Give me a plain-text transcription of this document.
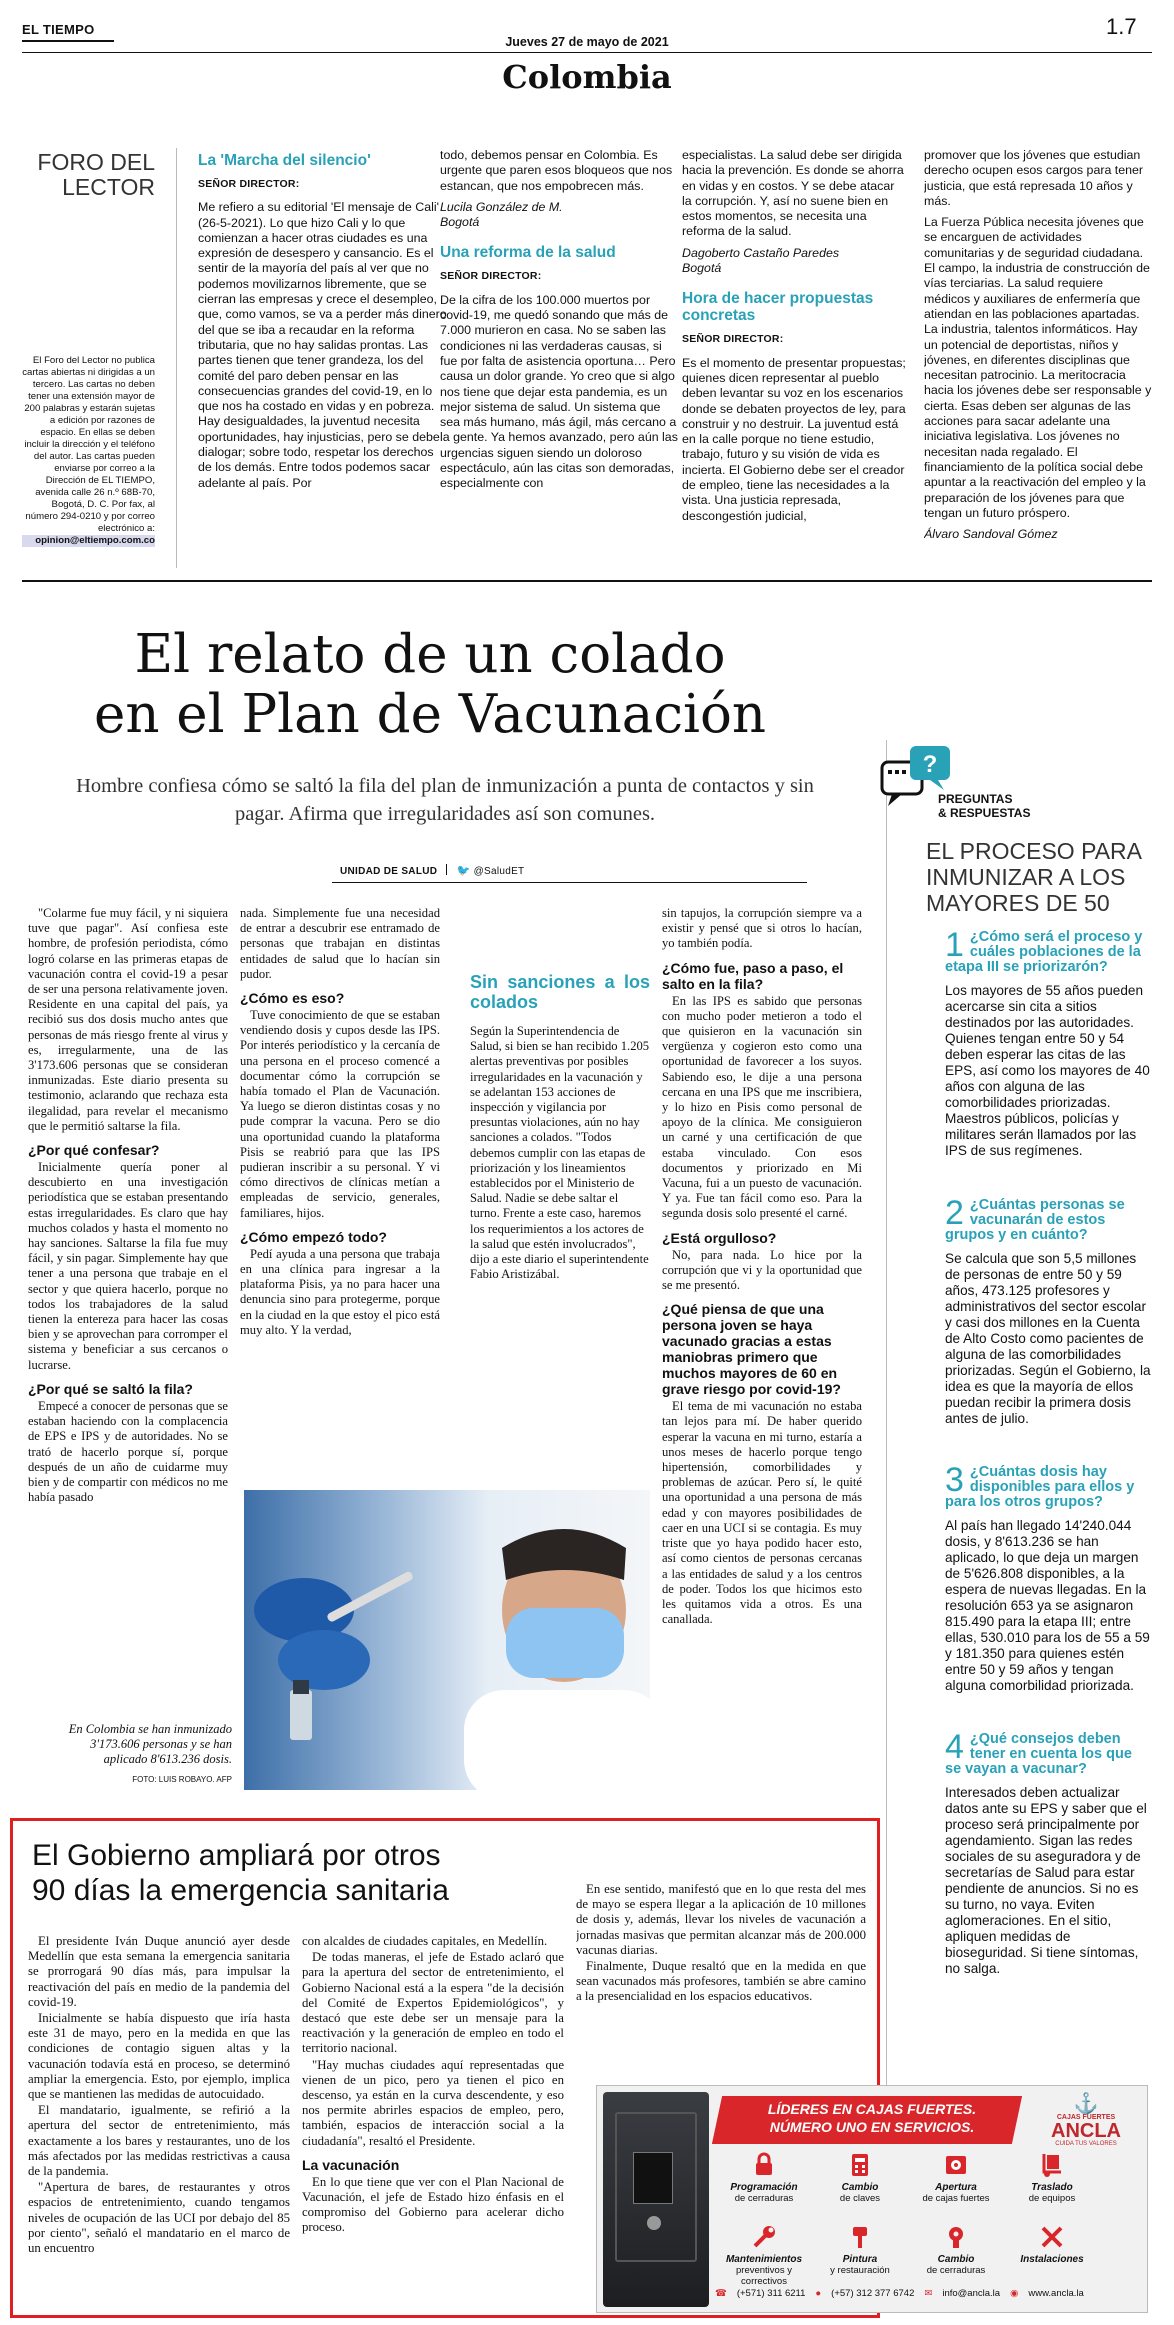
EL TIEMPO
Jueves 27 de mayo de 2021
Colombia
1.7
FORO DEL
LECTOR
El Foro del Lector no publica cartas abiertas ni dirigidas a un tercero. Las cartas no deben tener una extensión mayor de 200 palabras y estarán sujetas a edición por razones de espacio. En ellas se deben incluir la dirección y el teléfono del autor. Las cartas pueden enviarse por correo a la Dirección de EL TIEMPO, avenida calle 26 n.º 68B-70, Bogotá, D. C. Por fax, al número 294-0210 y por correo electrónico a:
opinion@eltiempo.com.co
La 'Marcha del silencio'
SEÑOR DIRECTOR:

Me refiero a su editorial 'El mensaje de Cali' (26-5-2021). Lo que hizo Cali y lo que comienzan a hacer otras ciudades es una expresión de desespero y cansancio. Es el sentir de la mayoría del país al ver que no podemos movilizarnos libremente, que se cierran las empresas y crece el desempleo, que, como vamos, se va a perder más dinero del que se iba a recaudar en la reforma tributaria, que no hay salidas prontas. Las partes tienen que tener grandeza, los del comité del paro deben pensar en las consecuencias grandes del covid-19, en lo que nos ha costado en vidas y en pobreza. Hay desigualdades, la juventud necesita oportunidades, hay injusticias, pero se debe dialogar; sobre todo, respetar los derechos de los demás. Entre todos podemos sacar adelante al país. Por

todo, debemos pensar en Colombia. Es urgente que paren esos bloqueos que nos estancan, que nos empobrecen más.

Lucila González de M.
Bogotá
Una reforma de la salud
SEÑOR DIRECTOR:

De la cifra de los 100.000 muertos por covid-19, me quedó sonando que más de 7.000 murieron en casa. No se saben las condiciones ni las verdaderas causas, si fue por falta de asistencia oportuna… Pero causa un dolor grande. Yo creo que si algo nos tiene que dejar esta pandemia, es un mejor sistema de salud. Un sistema que sea más humano, más ágil, más cercano a la gente. Ya hemos avanzado, pero aún las urgencias siguen siendo un doloroso espectáculo, aún las citas son demoradas, especialmente con

especialistas. La salud debe ser dirigida hacia la prevención. Es donde se ahorra en vidas y en costos. Y se debe atacar la corrupción. Y, así no suene bien en estos momentos, se necesita una reforma de la salud.

Dagoberto Castaño Paredes
Bogotá
Hora de hacer propuestas concretas
SEÑOR DIRECTOR:

Es el momento de presentar propuestas; quienes dicen representar al pueblo deben levantar su voz en los escenarios donde se debaten proyectos de ley, para construir y no destruir. La juventud está en la calle porque no tiene estudio, trabajo, futuro y su visión de vida es incierta. El Gobierno debe ser el creador de empleo, tiene las necesidades a la vista. Una justicia represada, descongestión judicial,

promover que los jóvenes que estudian derecho ocupen esos cargos para tener justicia, que está represada 10 años y más.

La Fuerza Pública necesita jóvenes que se encarguen de actividades comunitarias y de seguridad ciudadana. El campo, la industria de construcción de vías terciarias. La salud requiere médicos y auxiliares de enfermería que atiendan en las poblaciones apartadas. La industria, talentos informáticos. Hay un potencial de deportistas, niños y jóvenes, en diferentes disciplinas que necesitan patrocinio. La meritocracia hacia los jóvenes debe ser responsable y cierta. Esas deben ser algunas de las acciones para sacar adelante una iniciativa legislativa. Los jóvenes no necesitan nada regalado. El financiamiento de la política social debe apuntar a la reactivación del empleo y la preparación de los jóvenes para que tengan un futuro próspero.

Álvaro Sandoval Gómez
El relato de un colado
en el Plan de Vacunación
Hombre confiesa cómo se saltó la fila del plan de inmunización a punta de contactos y sin pagar. Afirma que irregularidades así son comunes.
UNIDAD DE SALUD 🐦 @SaludET

"Colarme fue muy fácil, y ni siquiera tuve que pagar". Así confiesa este hombre, de profesión periodista, cómo logró colarse en las primeras etapas de vacunación contra el covid-19 a pesar de ser una persona relativamente joven. Residente en una capital del país, ya recibió sus dos dosis mucho antes que personas de más riesgo frente al virus y es, irregularmente, una de las 3'173.606 personas que se consideran inmunizadas. Este diario presenta su testimonio, aclarando que rechaza esta ilegalidad, para revelar el mecanismo que le permitió saltarse la fila.

¿Por qué confesar?

Inicialmente quería poner al descubierto en una investigación periodística que se estaban presentando estas irregularidades. Es claro que hay muchos colados y hasta el momento no hay sanciones. Saltarse la fila fue muy fácil, y sin pagar. Simplemente hay que tener a una persona que trabaje en el sector y que quiera hacerlo, porque no todos los trabajadores de la salud tienen la entereza para hacer las cosas bien y se aprovechan para corromper el sistema y beneficiar a sus cercanos o lucrarse.

¿Por qué se saltó la fila?

Empecé a conocer de personas que se estaban haciendo con la complacencia de EPS e IPS y de autoridades. No se trató de hacerlo porque sí, porque después de un año de cuidarme muy bien y de compartir con médicos no me había pasado

nada. Simplemente fue una necesidad de entrar a descubrir ese entramado de personas que trabajan en distintas entidades de salud que lo hacían sin pudor.

¿Cómo es eso?

Tuve conocimiento de que se estaban vendiendo dosis y cupos desde las IPS. Por interés periodístico y la cercanía de una persona en el proceso comencé a documentar cómo la corrupción se había tomado el Plan de Vacunación. Ya luego se dieron distintas cosas y no pude comprar la vacuna. Pero se dio una oportunidad cuando la plataforma Pisis se reabrió para que las IPS pudieran inscribir a su personal. Y vi cómo directivos de clínicas metían a empleadas de servicio, generales, familiares, hijos.

¿Cómo empezó todo?

Pedí ayuda a una persona que trabaja en una clínica para ingresar a la plataforma Pisis, ya no para hacer una denuncia sino para protegerme, porque en la ciudad en la que estoy el pico está muy alto. Y la verdad,

Sin sanciones a los colados

Según la Superintendencia de Salud, si bien se han recibido 1.205 alertas preventivas por posibles irregularidades en la vacunación y se adelantan 153 acciones de inspección y vigilancia por presuntas violaciones, aún no hay sanciones a colados. "Todos debemos cumplir con las etapas de priorización y los lineamientos establecidos por el Ministerio de Salud. Nadie se debe saltar el turno. Frente a este caso, haremos los requerimientos a los actores de la salud que estén involucrados", dijo a este diario el superintendente Fabio Aristizábal.

sin tapujos, la corrupción siempre va a existir y pensé que si otros lo hacían, yo también podía.

¿Cómo fue, paso a paso, el salto en la fila?

En las IPS es sabido que personas con mucho poder metieron a todo el que quisieron en la vacunación sin vergüenza y cogieron esto como una oportunidad de favorecer a los suyos. Sabiendo eso, le dije a una persona cercana en una IPS que me inscribiera, y lo hizo en Pisis como personal de apoyo de la clínica. Me consiguieron un carné y una certificación de que estaba vinculado. Con esos documentos y priorizado en Mi Vacuna, fui a un puesto de vacunación. Y ya. Fue tan fácil como eso. Para la segunda dosis solo presenté el carné.

¿Está orgulloso?

No, para nada. Lo hice por la corrupción que vi y la oportunidad que se me presentó.

¿Qué piensa de que una persona joven se haya vacunado gracias a estas maniobras primero que muchos mayores de 60 en grave riesgo por covid-19?

El tema de mi vacunación no estaba tan lejos para mí. De haber querido esperar la vacuna en mi turno, estaría a unos meses de hacerlo porque tengo hipertensión, comorbilidades y problemas de azúcar. Pero sí, le quité una oportunidad a una persona de más edad y con mayores posibilidades de caer en una UCI si se contagia. Es muy triste que yo haya podido hacer esto, así como cientos de personas cercanas a las entidades de salud y a los centros de poder. Todos los que hicimos esto les quitamos vida a otros. Es una canallada.

En Colombia se han inmunizado 3'173.606 personas y se han aplicado 8'613.236 dosis.
FOTO: LUIS ROBAYO. AFP
?
PREGUNTAS
& RESPUESTAS
EL PROCESO PARA
INMUNIZAR A LOS
MAYORES DE 50
1 ¿Cómo será el proceso y cuáles poblaciones de la etapa III se priorizarón?
Los mayores de 55 años pueden acercarse sin cita a sitios destinados por las autoridades. Quienes tengan entre 50 y 54 deben esperar las citas de las EPS, así como los mayores de 40 años con alguna de las comorbilidades priorizadas. Maestros públicos, policías y militares serán llamados por las IPS de sus regímenes.
2 ¿Cuántas personas se vacunarán de estos grupos y en cuánto?
Se calcula que son 5,5 millones de personas de entre 50 y 59 años, 473.125 profesores y administrativos del sector escolar y casi dos millones en la Cuenta de Alto Costo como pacientes de alguna de las comorbilidades priorizadas. Según el Gobierno, la idea es que la mayoría de ellos puedan recibir la primera dosis antes de julio.
3 ¿Cuántas dosis hay disponibles para ellos y para los otros grupos?
Al país han llegado 14'240.044 dosis, y 8'613.236 se han aplicado, lo que deja un margen de 5'626.808 disponibles, a la espera de nuevas llegadas. En la resolución 653 ya se asignaron 815.490 para la etapa III; entre ellas, 530.010 para los de 55 a 59 y 181.350 para quienes estén entre 50 y 59 años y tengan alguna comorbilidad priorizada.
4 ¿Qué consejos deben tener en cuenta los que se vayan a vacunar?
Interesados deben actualizar datos ante su EPS y saber que el proceso será principalmente por agendamiento. Sigan las redes sociales de su aseguradora y de secretarías de Salud para estar pendiente de anuncios. Si no es su turno, no vaya. Eviten aglomeraciones. En el sitio, apliquen medidas de bioseguridad. Si tiene síntomas, no salga.
El Gobierno ampliará por otros
90 días la emergencia sanitaria

El presidente Iván Duque anunció ayer desde Medellín que esta semana la emergencia sanitaria se prorrogará 90 días más, para impulsar la reactivación del país en medio de la pandemia del covid-19.

Inicialmente se había dispuesto que iría hasta este 31 de mayo, pero en la medida en que las condiciones de contagio siguen altas y la vacunación todavía está en proceso, se determinó ampliar la emergencia. Esto, por ejemplo, implica que se mantienen las medidas de autocuidado.

El mandatario, igualmente, se refirió a la apertura del sector de entretenimiento, más exactamente a los bares y restaurantes, uno de los más afectados por las medidas restrictivas a causa de la pandemia.

"Apertura de bares, de restaurantes y otros espacios de entretenimiento, cuando tengamos niveles de ocupación de las UCI por debajo del 85 por ciento", señaló el mandatario en el marco de un encuentro

con alcaldes de ciudades capitales, en Medellín.

De todas maneras, el jefe de Estado aclaró que para la apertura del sector de entretenimiento, el Gobierno Nacional está a la espera "de la decisión del Comité de Expertos Epidemiológicos", y destacó que este debe ser un mensaje para la reactivación y la generación de empleo en todo el territorio nacional.

"Hay muchas ciudades aquí representadas que vienen de un pico, pero ya tienen el pico en descenso, ya están en la curva descendente, y eso nos permite abrirles espacios de empleo, pero, también, espacios de interacción social a la ciudadanía", resaltó el Presidente.

La vacunación

En lo que tiene que ver con el Plan Nacional de Vacunación, el jefe de Estado hizo énfasis en el compromiso del Gobierno para acelerar dicho proceso.

En ese sentido, manifestó que en lo que resta del mes de mayo se espera llegar a la aplicación de 10 millones de dosis y, además, llevar los niveles de vacunación a jornadas masivas que permitan alcanzar más de 200.000 vacunas diarias.

Finalmente, Duque resaltó que en la medida en que sean vacunados más profesores, también se abre camino a la presencialidad en los espacios educativos.

LÍDERES EN CAJAS FUERTES.
NÚMERO UNO EN SERVICIOS.
⚓
CAJAS FUERTES
ANCLA
CUIDA TUS VALORES
Programación
de cerraduras
Cambio
de claves
Apertura
de cajas fuertes
Traslado
de equipos
Mantenimientos
preventivos y correctivos
Pintura
y restauración
Cambio
de cerraduras
Instalaciones
☎ (+571) 311 6211 ● (+57) 312 377 6742 ✉ info@ancla.la ◉ www.ancla.la
